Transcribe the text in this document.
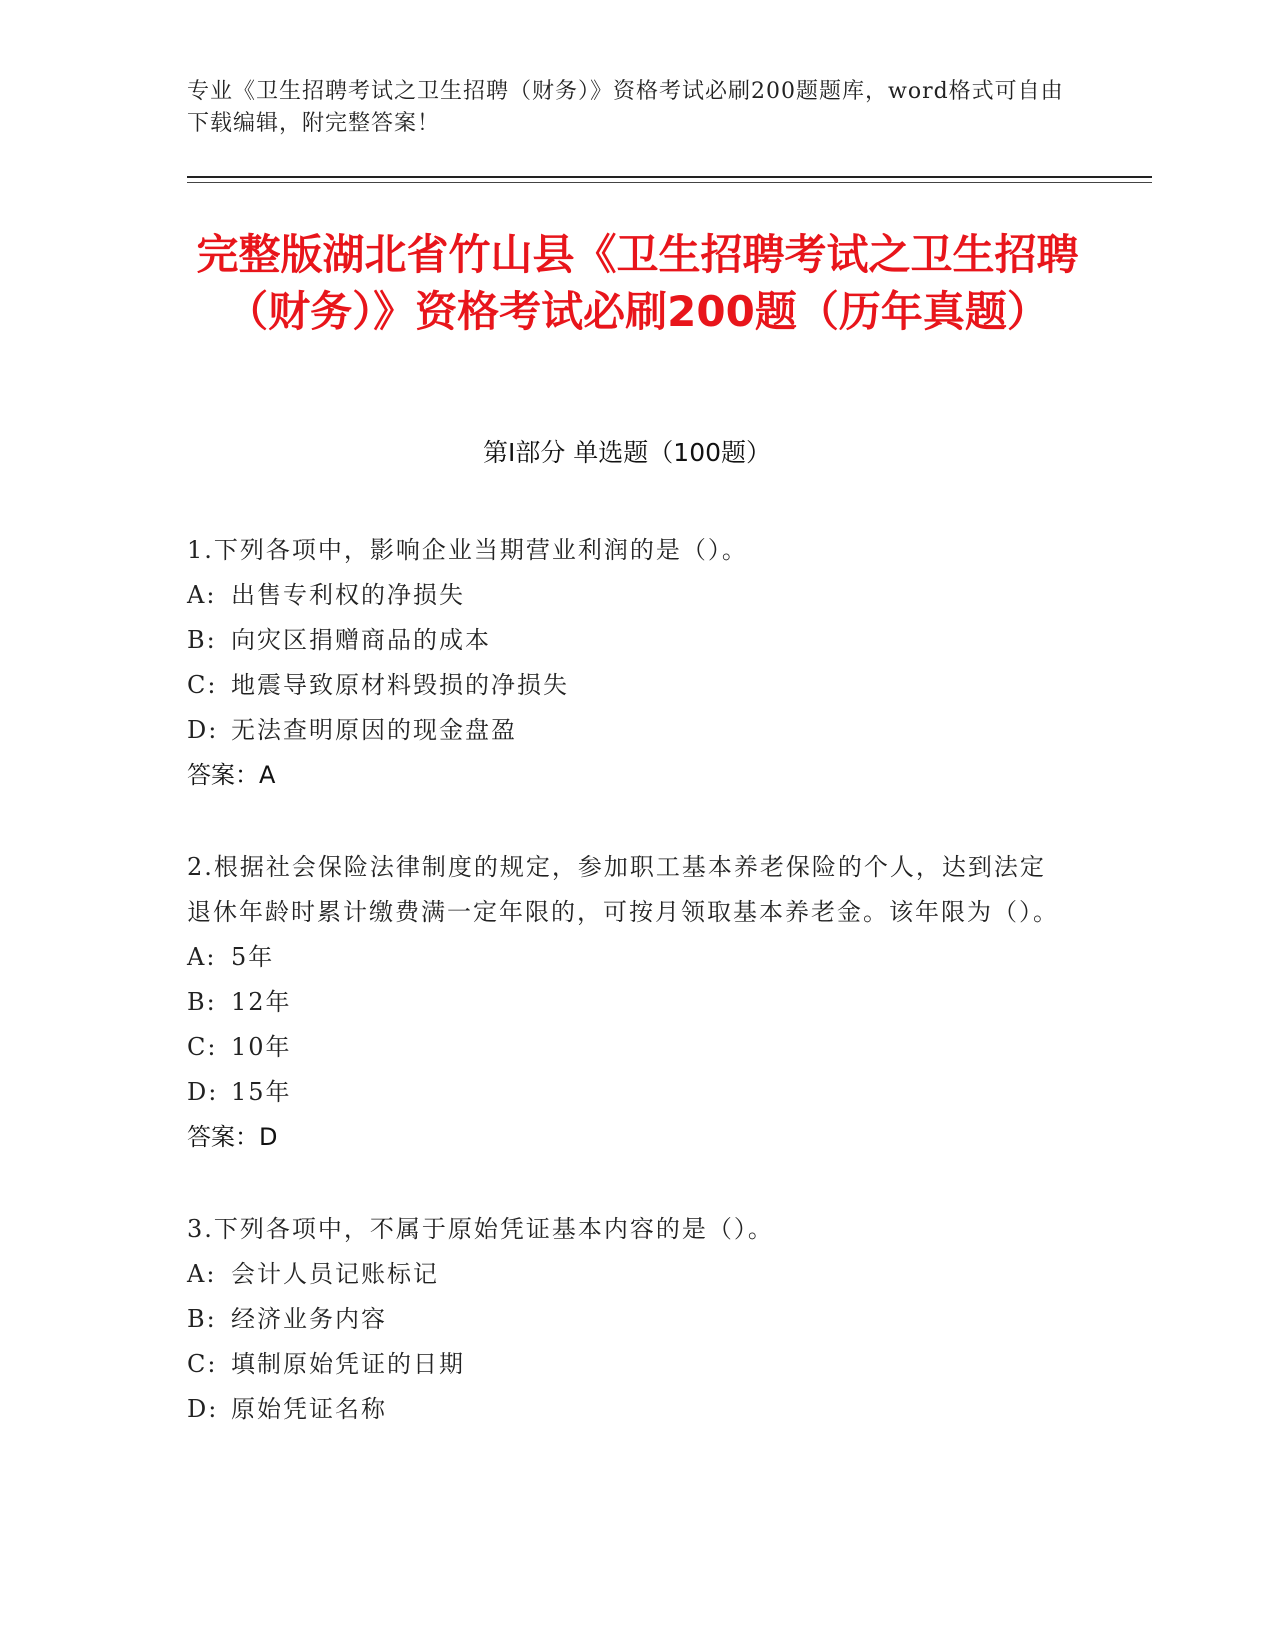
专业《卫生招聘考试之卫生招聘（财务）》资格考试必刷200题题库，word格式可自由下载编辑，附完整答案！
完整版湖北省竹山县《卫生招聘考试之卫生招聘（财务）》资格考试必刷200题（历年真题）
第I部分 单选题（100题）
1.下列各项中，影响企业当期营业利润的是（）。
A: 出售专利权的净损失
B: 向灾区捐赠商品的成本
C: 地震导致原材料毁损的净损失
D: 无法查明原因的现金盘盈
答案：A
2.根据社会保险法律制度的规定，参加职工基本养老保险的个人，达到法定退休年龄时累计缴费满一定年限的，可按月领取基本养老金。该年限为（）。
A: 5年
B: 12年
C: 10年
D: 15年
答案：D
3.下列各项中，不属于原始凭证基本内容的是（）。
A: 会计人员记账标记
B: 经济业务内容
C: 填制原始凭证的日期
D: 原始凭证名称
